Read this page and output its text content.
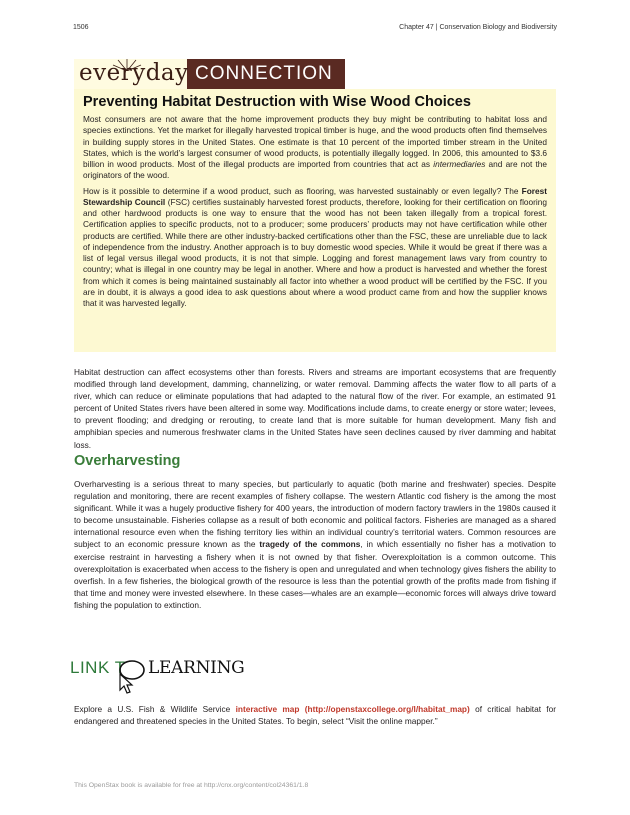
1506	Chapter 47 | Conservation Biology and Biodiversity
everyday CONNECTION
Preventing Habitat Destruction with Wise Wood Choices

Most consumers are not aware that the home improvement products they buy might be contributing to habitat loss and species extinctions. Yet the market for illegally harvested tropical timber is huge, and the wood products often find themselves in building supply stores in the United States. One estimate is that 10 percent of the imported timber stream in the United States, which is the world’s largest consumer of wood products, is potentially illegally logged. In 2006, this amounted to $3.6 billion in wood products. Most of the illegal products are imported from countries that act as intermediaries and are not the originators of the wood.

How is it possible to determine if a wood product, such as flooring, was harvested sustainably or even legally? The Forest Stewardship Council (FSC) certifies sustainably harvested forest products, therefore, looking for their certification on flooring and other hardwood products is one way to ensure that the wood has not been taken illegally from a tropical forest. Certification applies to specific products, not to a producer; some producers’ products may not have certification while other products are certified. While there are other industry-backed certifications other than the FSC, these are unreliable due to lack of independence from the industry. Another approach is to buy domestic wood species. While it would be great if there was a list of legal versus illegal wood products, it is not that simple. Logging and forest management laws vary from country to country; what is illegal in one country may be legal in another. Where and how a product is harvested and whether the forest from which it comes is being maintained sustainably all factor into whether a wood product will be certified by the FSC. If you are in doubt, it is always a good idea to ask questions about where a wood product came from and how the supplier knows that it was harvested legally.

Habitat destruction can affect ecosystems other than forests. Rivers and streams are important ecosystems that are frequently modified through land development, damming, channelizing, or water removal. Damming affects the water flow to all parts of a river, which can reduce or eliminate populations that had adapted to the natural flow of the river. For example, an estimated 91 percent of United States rivers have been altered in some way. Modifications include dams, to create energy or store water; levees, to prevent flooding; and dredging or rerouting, to create land that is more suitable for human development. Many fish and amphibian species and numerous freshwater clams in the United States have seen declines caused by river damming and habitat loss.

Overharvesting

Overharvesting is a serious threat to many species, but particularly to aquatic (both marine and freshwater) species. Despite regulation and monitoring, there are recent examples of fishery collapse. The western Atlantic cod fishery is the among the most significant. While it was a hugely productive fishery for 400 years, the introduction of modern factory trawlers in the 1980s caused it to become unsustainable. Fisheries collapse as a result of both economic and political factors. Fisheries are managed as a shared international resource even when the fishing territory lies within an individual country’s territorial waters. Common resources are subject to an economic pressure known as the tragedy of the commons, in which essentially no fisher has a motivation to exercise restraint in harvesting a fishery when it is not owned by that fisher. Overexploitation is a common outcome. This overexploitation is exacerbated when access to the fishery is open and unregulated and when technology gives fishers the ability to overfish. In a few fisheries, the biological growth of the resource is less than the potential growth of the profits made from fishing if that time and money were invested elsewhere. In these cases—whales are an example—economic forces will always drive toward fishing the population to extinction.

LINK T LEARNING

Explore a U.S. Fish & Wildlife Service interactive map (http://openstaxcollege.org/l/habitat_map) of critical habitat for endangered and threatened species in the United States. To begin, select “Visit the online mapper.”

This OpenStax book is available for free at http://cnx.org/content/col24361/1.8
